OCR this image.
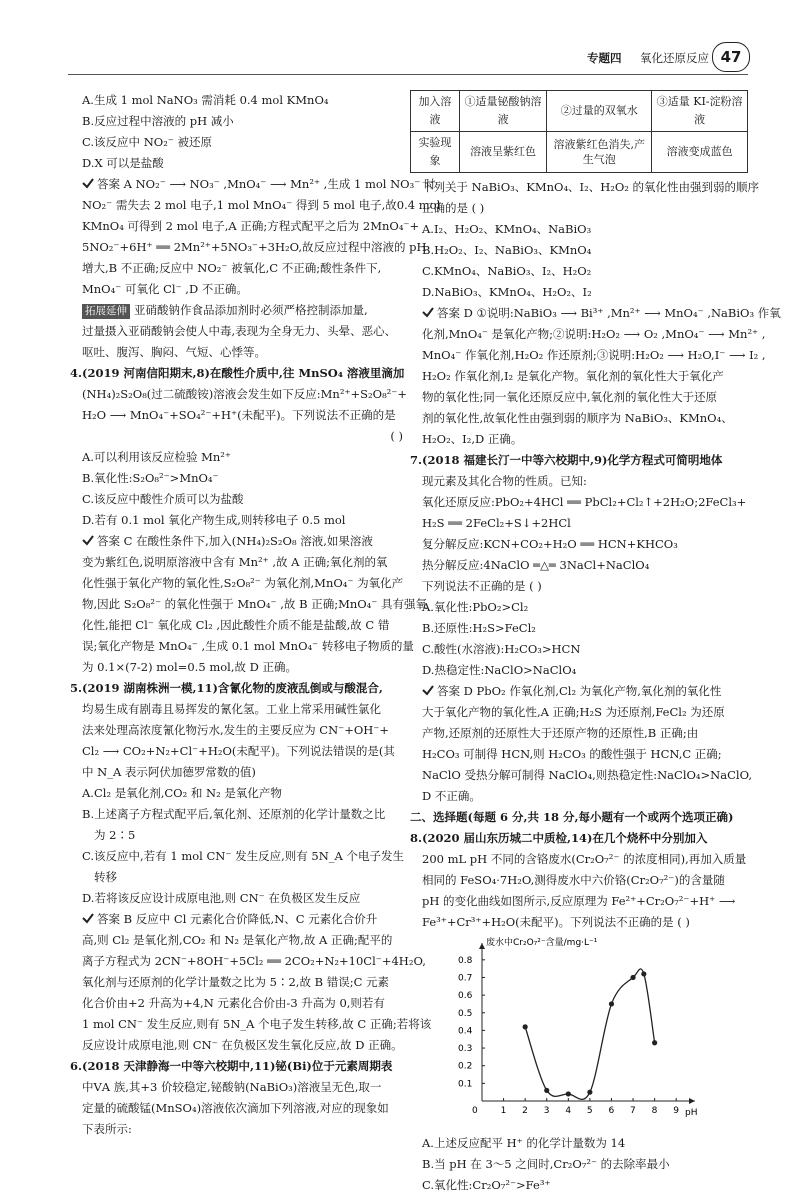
专题四 氧化还原反应 47
A.生成 1 mol NaNO₃ 需消耗 0.4 mol KMnO₄
B.反应过程中溶液的 pH 减小
C.该反应中 NO₂⁻ 被还原
D.X 可以是盐酸
答案 A NO₂⁻ ⟶ NO₃⁻ ,MnO₄⁻ ⟶ Mn²⁺ ,生成 1 mol NO₃⁻ 时
NO₂⁻ 需失去 2 mol 电子,1 mol MnO₄⁻ 得到 5 mol 电子,故0.4 mol
KMnO₄ 可得到 2 mol 电子,A 正确;方程式配平之后为 2MnO₄⁻+
5NO₂⁻+6H⁺ ══ 2Mn²⁺+5NO₃⁻+3H₂O,故反应过程中溶液的 pH
增大,B 不正确;反应中 NO₂⁻ 被氧化,C 不正确;酸性条件下,
MnO₄⁻ 可氧化 Cl⁻ ,D 不正确。
拓展延伸 亚硝酸钠作食品添加剂时必须严格控制添加量,
过量摄入亚硝酸钠会使人中毒,表现为全身无力、头晕、恶心、
呕吐、腹泻、胸闷、气短、心悸等。
4.(2019 河南信阳期末,8)在酸性介质中,往 MnSO₄ 溶液里滴加
(NH₄)₂S₂O₈(过二硫酸铵)溶液会发生如下反应:Mn²⁺+S₂O₈²⁻+
H₂O ⟶ MnO₄⁻+SO₄²⁻+H⁺(未配平)。下列说法不正确的是
( )
A.可以利用该反应检验 Mn²⁺
B.氧化性:S₂O₈²⁻>MnO₄⁻
C.该反应中酸性介质可以为盐酸
D.若有 0.1 mol 氧化产物生成,则转移电子 0.5 mol
答案 C 在酸性条件下,加入(NH₄)₂S₂O₈ 溶液,如果溶液
变为紫红色,说明原溶液中含有 Mn²⁺ ,故 A 正确;氧化剂的氧
化性强于氧化产物的氧化性,S₂O₈²⁻ 为氧化剂,MnO₄⁻ 为氧化产
物,因此 S₂O₈²⁻ 的氧化性强于 MnO₄⁻ ,故 B 正确;MnO₄⁻ 具有强氧
化性,能把 Cl⁻ 氧化成 Cl₂ ,因此酸性介质不能是盐酸,故 C 错
误;氧化产物是 MnO₄⁻ ,生成 0.1 mol MnO₄⁻ 转移电子物质的量
为 0.1×(7-2) mol=0.5 mol,故 D 正确。
5.(2019 湖南株洲一模,11)含氰化物的废液乱倒或与酸混合,
均易生成有剧毒且易挥发的氰化氢。工业上常采用碱性氯化
法来处理高浓度氰化物污水,发生的主要反应为 CN⁻+OH⁻+
Cl₂ ⟶ CO₂+N₂+Cl⁻+H₂O(未配平)。下列说法错误的是(其
中 N_A 表示阿伏加德罗常数的值)
A.Cl₂ 是氧化剂,CO₂ 和 N₂ 是氧化产物
B.上述离子方程式配平后,氧化剂、还原剂的化学计量数之比
为 2∶5
C.该反应中,若有 1 mol CN⁻ 发生反应,则有 5N_A 个电子发生
转移
D.若将该反应设计成原电池,则 CN⁻ 在负极区发生反应
答案 B 反应中 Cl 元素化合价降低,N、C 元素化合价升
高,则 Cl₂ 是氧化剂,CO₂ 和 N₂ 是氧化产物,故 A 正确;配平的
离子方程式为 2CN⁻+8OH⁻+5Cl₂ ══ 2CO₂+N₂+10Cl⁻+4H₂O,
氧化剂与还原剂的化学计量数之比为 5∶2,故 B 错误;C 元素
化合价由+2 升高为+4,N 元素化合价由-3 升高为 0,则若有
1 mol CN⁻ 发生反应,则有 5N_A 个电子发生转移,故 C 正确;若将该
反应设计成原电池,则 CN⁻ 在负极区发生氧化反应,故 D 正确。
6.(2018 天津静海一中等六校期中,11)铋(Bi)位于元素周期表
中ⅤA 族,其+3 价较稳定,铋酸钠(NaBiO₃)溶液呈无色,取一
定量的硫酸锰(MnSO₄)溶液依次滴加下列溶液,对应的现象如
下表所示:
加入溶液	①适量铋酸钠溶液	②过量的双氧水	③适量 KI-淀粉溶液
实验现象	溶液呈紫红色	溶液紫红色消失,产生气泡	溶液变成蓝色
下列关于 NaBiO₃、KMnO₄、I₂、H₂O₂ 的氧化性由强到弱的顺序
正确的是 ( )
A.I₂、H₂O₂、KMnO₄、NaBiO₃
B.H₂O₂、I₂、NaBiO₃、KMnO₄
C.KMnO₄、NaBiO₃、I₂、H₂O₂
D.NaBiO₃、KMnO₄、H₂O₂、I₂
答案 D ①说明:NaBiO₃ ⟶ Bi³⁺ ,Mn²⁺ ⟶ MnO₄⁻ ,NaBiO₃ 作氧
化剂,MnO₄⁻ 是氧化产物;②说明:H₂O₂ ⟶ O₂ ,MnO₄⁻ ⟶ Mn²⁺ ,
MnO₄⁻ 作氧化剂,H₂O₂ 作还原剂;③说明:H₂O₂ ⟶ H₂O,I⁻ ⟶ I₂ ,
H₂O₂ 作氧化剂,I₂ 是氧化产物。氧化剂的氧化性大于氧化产
物的氧化性;同一氧化还原反应中,氧化剂的氧化性大于还原
剂的氧化性,故氧化性由强到弱的顺序为 NaBiO₃、KMnO₄、
H₂O₂、I₂,D 正确。
7.(2018 福建长汀一中等六校期中,9)化学方程式可简明地体
现元素及其化合物的性质。已知:
氧化还原反应:PbO₂+4HCl ══ PbCl₂+Cl₂↑+2H₂O;2FeCl₃+
H₂S ══ 2FeCl₂+S↓+2HCl
复分解反应:KCN+CO₂+H₂O ══ HCN+KHCO₃
热分解反应:4NaClO ═△═ 3NaCl+NaClO₄
下列说法不正确的是 ( )
A.氧化性:PbO₂>Cl₂
B.还原性:H₂S>FeCl₂
C.酸性(水溶液):H₂CO₃>HCN
D.热稳定性:NaClO>NaClO₄
答案 D PbO₂ 作氧化剂,Cl₂ 为氧化产物,氧化剂的氧化性
大于氧化产物的氧化性,A 正确;H₂S 为还原剂,FeCl₂ 为还原
产物,还原剂的还原性大于还原产物的还原性,B 正确;由
H₂CO₃ 可制得 HCN,则 H₂CO₃ 的酸性强于 HCN,C 正确;
NaClO 受热分解可制得 NaClO₄,则热稳定性:NaClO₄>NaClO,
D 不正确。
二、选择题(每题 6 分,共 18 分,每小题有一个或两个选项正确)
8.(2020 届山东历城二中质检,14)在几个烧杯中分别加入
200 mL pH 不同的含铬废水(Cr₂O₇²⁻ 的浓度相同),再加入质量
相同的 FeSO₄·7H₂O,测得废水中六价铬(Cr₂O₇²⁻)的含量随
pH 的变化曲线如图所示,反应原理为 Fe²⁺+Cr₂O₇²⁻+H⁺ ⟶
Fe³⁺+Cr³⁺+H₂O(未配平)。下列说法不正确的是 ( )
废水中Cr₂O₇²⁻含量/mg·L⁻¹
pH
0	1 2 3 4 5 6 7 8 9
0.1
0.2
0.3
0.4
0.5
0.6
0.7
0.8
A.上述反应配平 H⁺ 的化学计量数为 14
B.当 pH 在 3～5 之间时,Cr₂O₇²⁻ 的去除率最小
C.氧化性:Cr₂O₇²⁻>Fe³⁺
